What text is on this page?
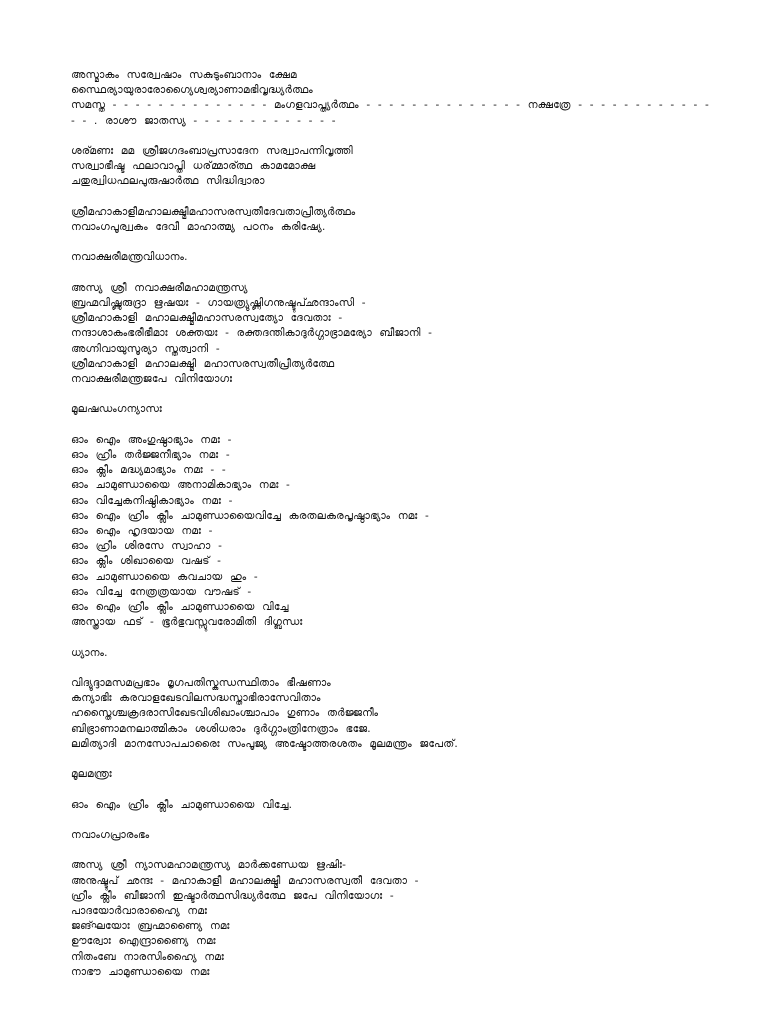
അസ്മാകം സര്വ്വേഷാം സകുടുംബാനാം ക്ഷേമ
സ്ഥൈര്യായുരാരോഗ്യൈശ്വര്യാണാമഭിവൃദ്ധ്യര്‍ത്ഥം
സമസ്ത - - - - - - - - - - - - - - മംഗളവാപ്ത്യര്‍ത്ഥം - - - - - - - - - - - - - - നക്ഷത്രേ - - - - - - - - - - - - - - . രാശൗ ജാതസ്യ - - - - - - - - - - - - -
ശര്മണഃ മമ ശ്രീജഗദംബാപ്രസാദേന സര്വ്വാപന്നിവൃത്തി
സര്വ്വാഭീഷ്ട ഫലാവാപ്തി ധര്മ്മാര്ത്ഥ കാമമോക്ഷ
ചതുര്വ്വിധഫലപുരുഷാര്‍ത്ഥ സിദ്ധിദ്വാരാ
ശ്രീമഹാകാളീമഹാലക്ഷ്മീമഹാസരസ്വതീദേവതാപ്രീത്യര്‍ത്ഥം
നവാംഗപൂര്വ്വകം ദേവീ മാഹാത്മ്യ പഠനം കരിഷ്യേ.
നവാക്ഷരീമന്ത്രവിധാനം.
അസ്യ ശ്രീ നവാക്ഷരീമഹാമന്ത്രസ്യ
ബ്രഹ്മവിഷ്ണുരുദ്രാ ഋഷയഃ - ഗായത്ര്യുഷ്ണിഗനുഷ്ടുപ്ഛന്ദാംസി -
ശ്രീമഹാകാളി മഹാലക്ഷ്മീമഹാസരസ്വത്യോ ദേവതാഃ -
നന്ദാശാകംഭരീഭീമാഃ ശക്തയഃ - രക്തദന്തികാദുര്‍ഗ്ഗാഭ്രാമര്യോ ബീജാനി -
അഗ്നിവായുസൂര്യാ സ്തത്വാനി -
ശ്രീമഹാകാളി മഹാലക്ഷ്മി മഹാസരസ്വതീപ്രീത്യര്‍ത്ഥേ
നവാക്ഷരീമന്ത്രജപേ വിനിയോഗഃ
മൂലഷഡംഗന്യാസഃ
ഓം ഐം അംഗുഷ്ഠാഭ്യാം നമഃ -
ഓം ഹ്രീം തര്‍ജ്ജനീഭ്യാം നമഃ -
ഓം ക്ലീം മദ്ധ്യമാഭ്യാം നമഃ - -
ഓം ചാമുണ്ഡായൈ അനാമികാഭ്യാം നമഃ -
ഓം വിച്ചേകനിഷ്ഠികാഭ്യാം നമഃ -
ഓം ഐം ഹ്രീം ക്ലീം ചാമുണ്ഡായൈവിച്ചേ കരതലകരപൃഷ്ഠാഭ്യാം നമഃ -
ഓം ഐം ഹൃദയായ നമഃ -
ഓം ഹ്രീം ശിരസേ സ്വാഹാ -
ഓം ക്ലീം ശിഖായൈ വഷട് -
ഓം ചാമുണ്ഡായൈ കവചായ ഹും -
ഓം വിച്ചേ നേത്രത്രയായ വൗഷട് -
ഓം ഐം ഹ്രീം ക്ലീം ചാമുണ്ഡായൈ വിച്ചേ
അസ്ത്രായ ഫട് - ഭൂര്‍ഭുവസ്സുവരോമിതി ദിഗ്ബന്ധഃ
ധ്യാനം.
വിദ്യുദ്ദാമസമപ്രഭാം മൃഗപതിസ്കന്ധസ്ഥിതാം ഭീഷണാം
കന്യാഭിഃ കരവാളഖേടവിലസദ്ധസ്താഭിരാസേവിതാം
ഹസ്തൈശ്ചക്രദരാസിഖേടവിശിഖാംശ്ചാപാം ഗുണാം തര്‍ജ്ജനീം
ബിഭ്രാണാമനലാത്മികാം ശശിധരാം ദുര്‍ഗ്ഗാംത്രിനേത്രാം ഭജേ.
ലമിത്യാദി മാനസോപചാരൈഃ സംപൂജ്യ അഷ്ടോത്തരശതം മൂലമന്ത്രം ജപേത്.
മൂലമന്ത്രഃ
ഓം ഐം ഹ്രീം ക്ലീം ചാമുണ്ഡായൈ വിച്ചേ.
നവാംഗപ്രാരംഭം
അസ്യ ശ്രീ ന്യാസമഹാമന്ത്രസ്യ മാര്‍ക്കണ്ഡേയ ഋഷിഃ-
അനുഷ്ടുപ് ഛന്ദഃ - മഹാകാളീ മഹാലക്ഷ്മീ മഹാസരസ്വതീ ദേവതാ -
ഹ്രീം ക്ലീം ബീജാനി ഇഷ്ടാര്‍ത്ഥസിദ്ധ്യര്‍ത്ഥേ ജപേ വിനിയോഗഃ -
പാദയോര്‍വാരാഹ്യൈ നമഃ
ജങ്ഘയോഃ ബ്രഹ്മാണ്യൈ നമഃ
ഊര്വോഃ ഐന്ദ്രാണ്യൈ നമഃ
നിതംബേ നാരസിംഹ്യൈ നമഃ
നാഭൗ ചാമുണ്ഡായൈ നമഃ
